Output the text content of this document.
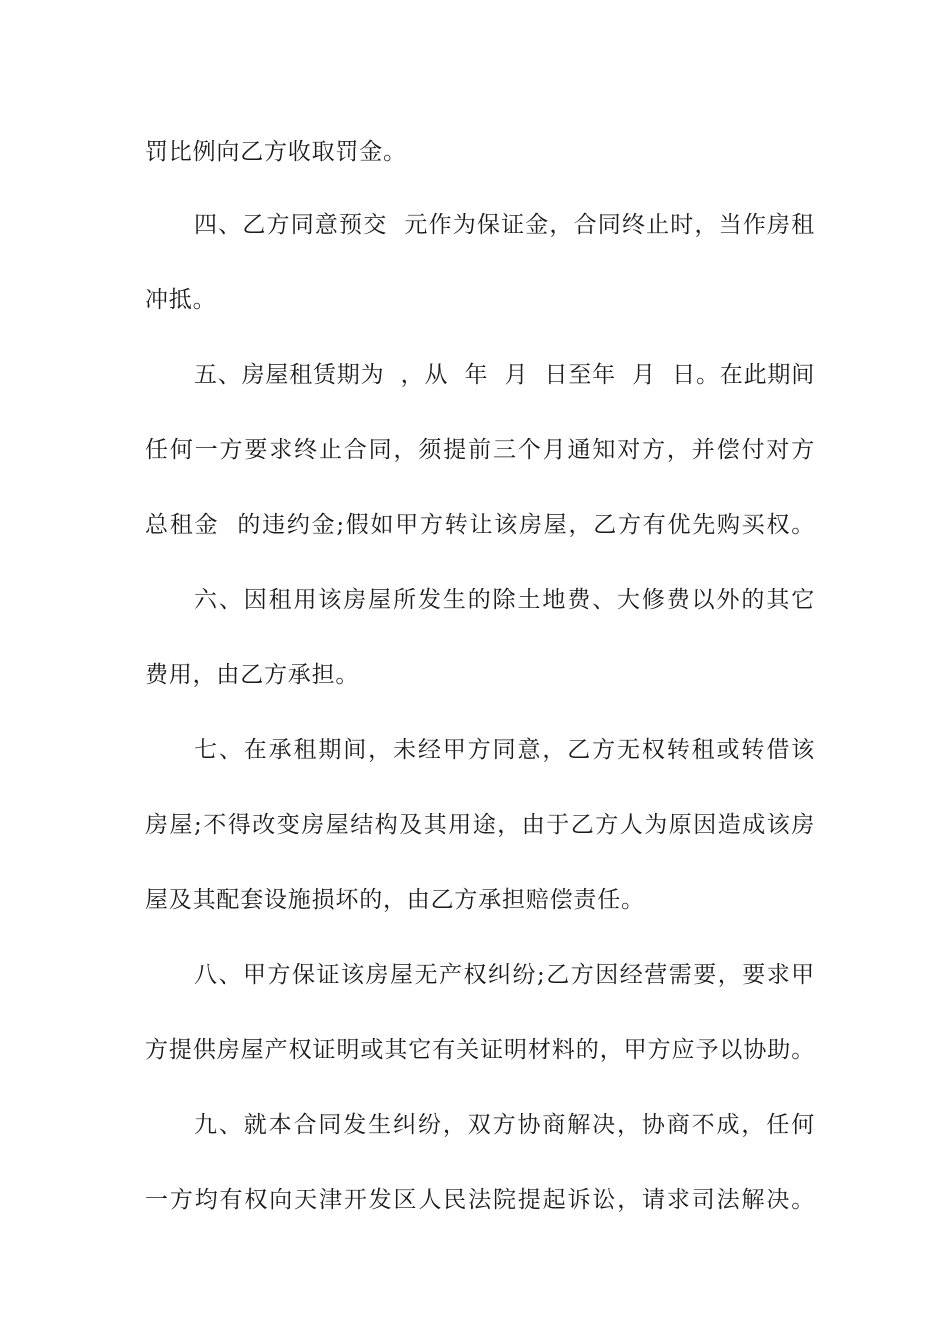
罚比例向乙方收取罚金。
四、乙方同意预交  元作为保证金，合同终止时，当作房租
冲抵。
五、房屋租赁期为  ，从  年  月  日至年  月  日。在此期间
任何一方要求终止合同，须提前三个月通知对方，并偿付对方
总租金  的违约金;假如甲方转让该房屋，乙方有优先购买权。
六、因租用该房屋所发生的除土地费、大修费以外的其它
费用，由乙方承担。
七、在承租期间，未经甲方同意，乙方无权转租或转借该
房屋;不得改变房屋结构及其用途，由于乙方人为原因造成该房
屋及其配套设施损坏的，由乙方承担赔偿责任。
八、甲方保证该房屋无产权纠纷;乙方因经营需要，要求甲
方提供房屋产权证明或其它有关证明材料的，甲方应予以协助。
九、就本合同发生纠纷，双方协商解决，协商不成，任何
一方均有权向天津开发区人民法院提起诉讼，请求司法解决。
